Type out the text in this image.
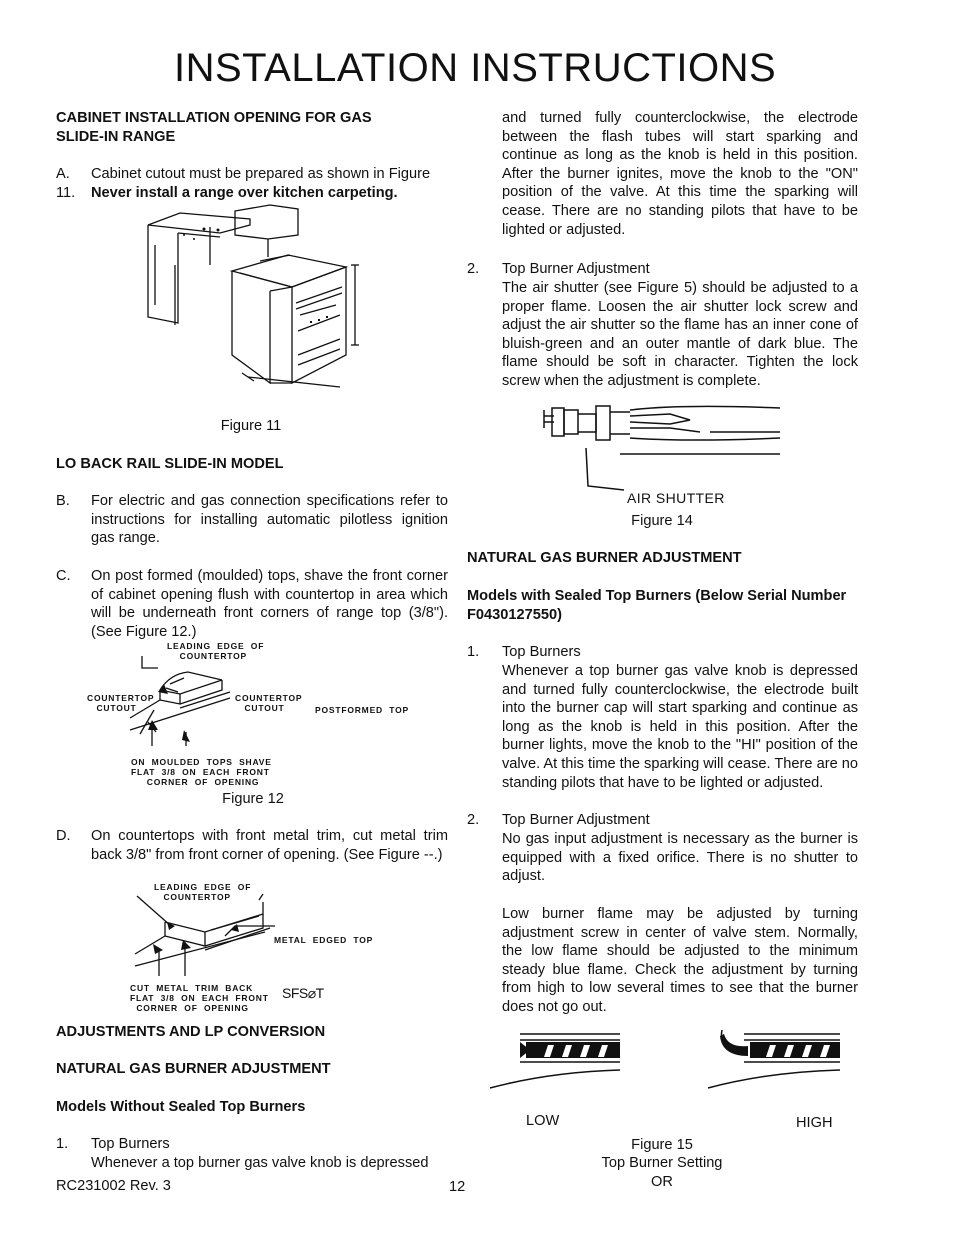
INSTALLATION INSTRUCTIONS
CABINET INSTALLATION OPENING FOR GAS SLIDE-IN RANGE
A. Cabinet cutout must be prepared as shown in Figure
11. Never install a range over kitchen carpeting.
Figure 11
LO BACK RAIL SLIDE-IN MODEL
B. For electric and gas connection specifications refer to instructions for installing automatic pilotless ignition gas range.
C. On post formed (moulded) tops, shave the front corner of cabinet opening flush with countertop in area which will be underneath front corners of range top (3/8"). (See Figure 12.)
LEADING  EDGE  OF
COUNTERTOP
COUNTERTOP
CUTOUT
COUNTERTOP
CUTOUT	POSTFORMED  TOP
ON  MOULDED  TOPS  SHAVE
FLAT  3/8  ON  EACH  FRONT
CORNER  OF  OPENING
Figure 12
D. On countertops with front metal trim, cut metal trim back 3/8" from front corner of opening. (See Figure --.)
LEADING  EDGE  OF
COUNTERTOP
METAL  EDGED  TOP
CUT  METAL  TRIM  BACK
FLAT  3/8  ON  EACH  FRONT
CORNER  OF  OPENING
SFS⌀T
ADJUSTMENTS AND LP CONVERSION
NATURAL GAS BURNER ADJUSTMENT
Models Without Sealed Top Burners
1. Top Burners
Whenever a top burner gas valve knob is depressed
RC231002 Rev. 3	12
and turned fully counterclockwise, the electrode between the flash tubes will start sparking and continue as long as the knob is held in this position. After the burner ignites, move the knob to the "ON" position of the valve. At this time the sparking will cease. There are no standing pilots that have to be lighted or adjusted.
2. Top Burner Adjustment
The air shutter (see Figure 5) should be adjusted to a proper flame. Loosen the air shutter lock screw and adjust the air shutter so the flame has an inner cone of bluish-green and an outer mantle of dark blue. The flame should be soft in character. Tighten the lock screw when the adjustment is complete.
AIR SHUTTER
Figure 14
NATURAL GAS BURNER ADJUSTMENT
Models with Sealed Top Burners (Below Serial Number F0430127550)
1. Top Burners
Whenever a top burner gas valve knob is depressed and turned fully counterclockwise, the electrode built into the burner cap will start sparking and continue as long as the knob is held in this position. After the burner lights, move the knob to the "HI" position of the valve. At this time the sparking will cease. There are no standing pilots that have to be lighted or adjusted.
2. Top Burner Adjustment
No gas input adjustment is necessary as the burner is equipped with a fixed orifice. There is no shutter to adjust.
Low burner flame may be adjusted by turning adjustment screw in center of valve stem. Normally, the low flame should be adjusted to the minimum steady blue flame. Check the adjustment by turning from high to low several times to see that the burner does not go out.
LOW	HIGH
Figure 15
Top Burner Setting
OR
